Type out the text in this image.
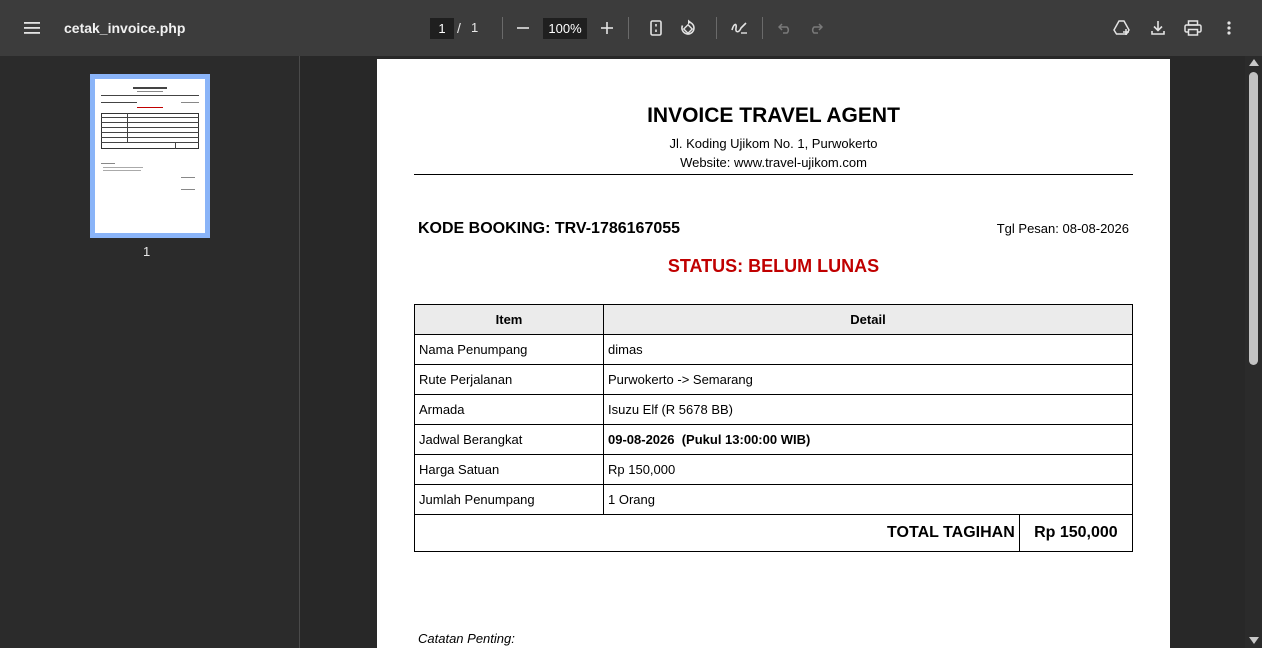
cetak_invoice.php	1 / 1	100%
1
INVOICE TRAVEL AGENT
Jl. Koding Ujikom No. 1, Purwokerto
Website: www.travel-ujikom.com
KODE BOOKING: TRV-1786167055	Tgl Pesan: 08-08-2026
STATUS: BELUM LUNAS
Item	Detail	
Nama Penumpang	dimas	
Rute Perjalanan	Purwokerto -> Semarang	
Armada	Isuzu Elf (R 5678 BB)	
Jadwal Berangkat	09-08-2026  (Pukul 13:00:00 WIB)	
Harga Satuan	Rp 150,000	
Jumlah Penumpang	1 Orang	
TOTAL TAGIHAN		Rp 150,000
Catatan Penting:
